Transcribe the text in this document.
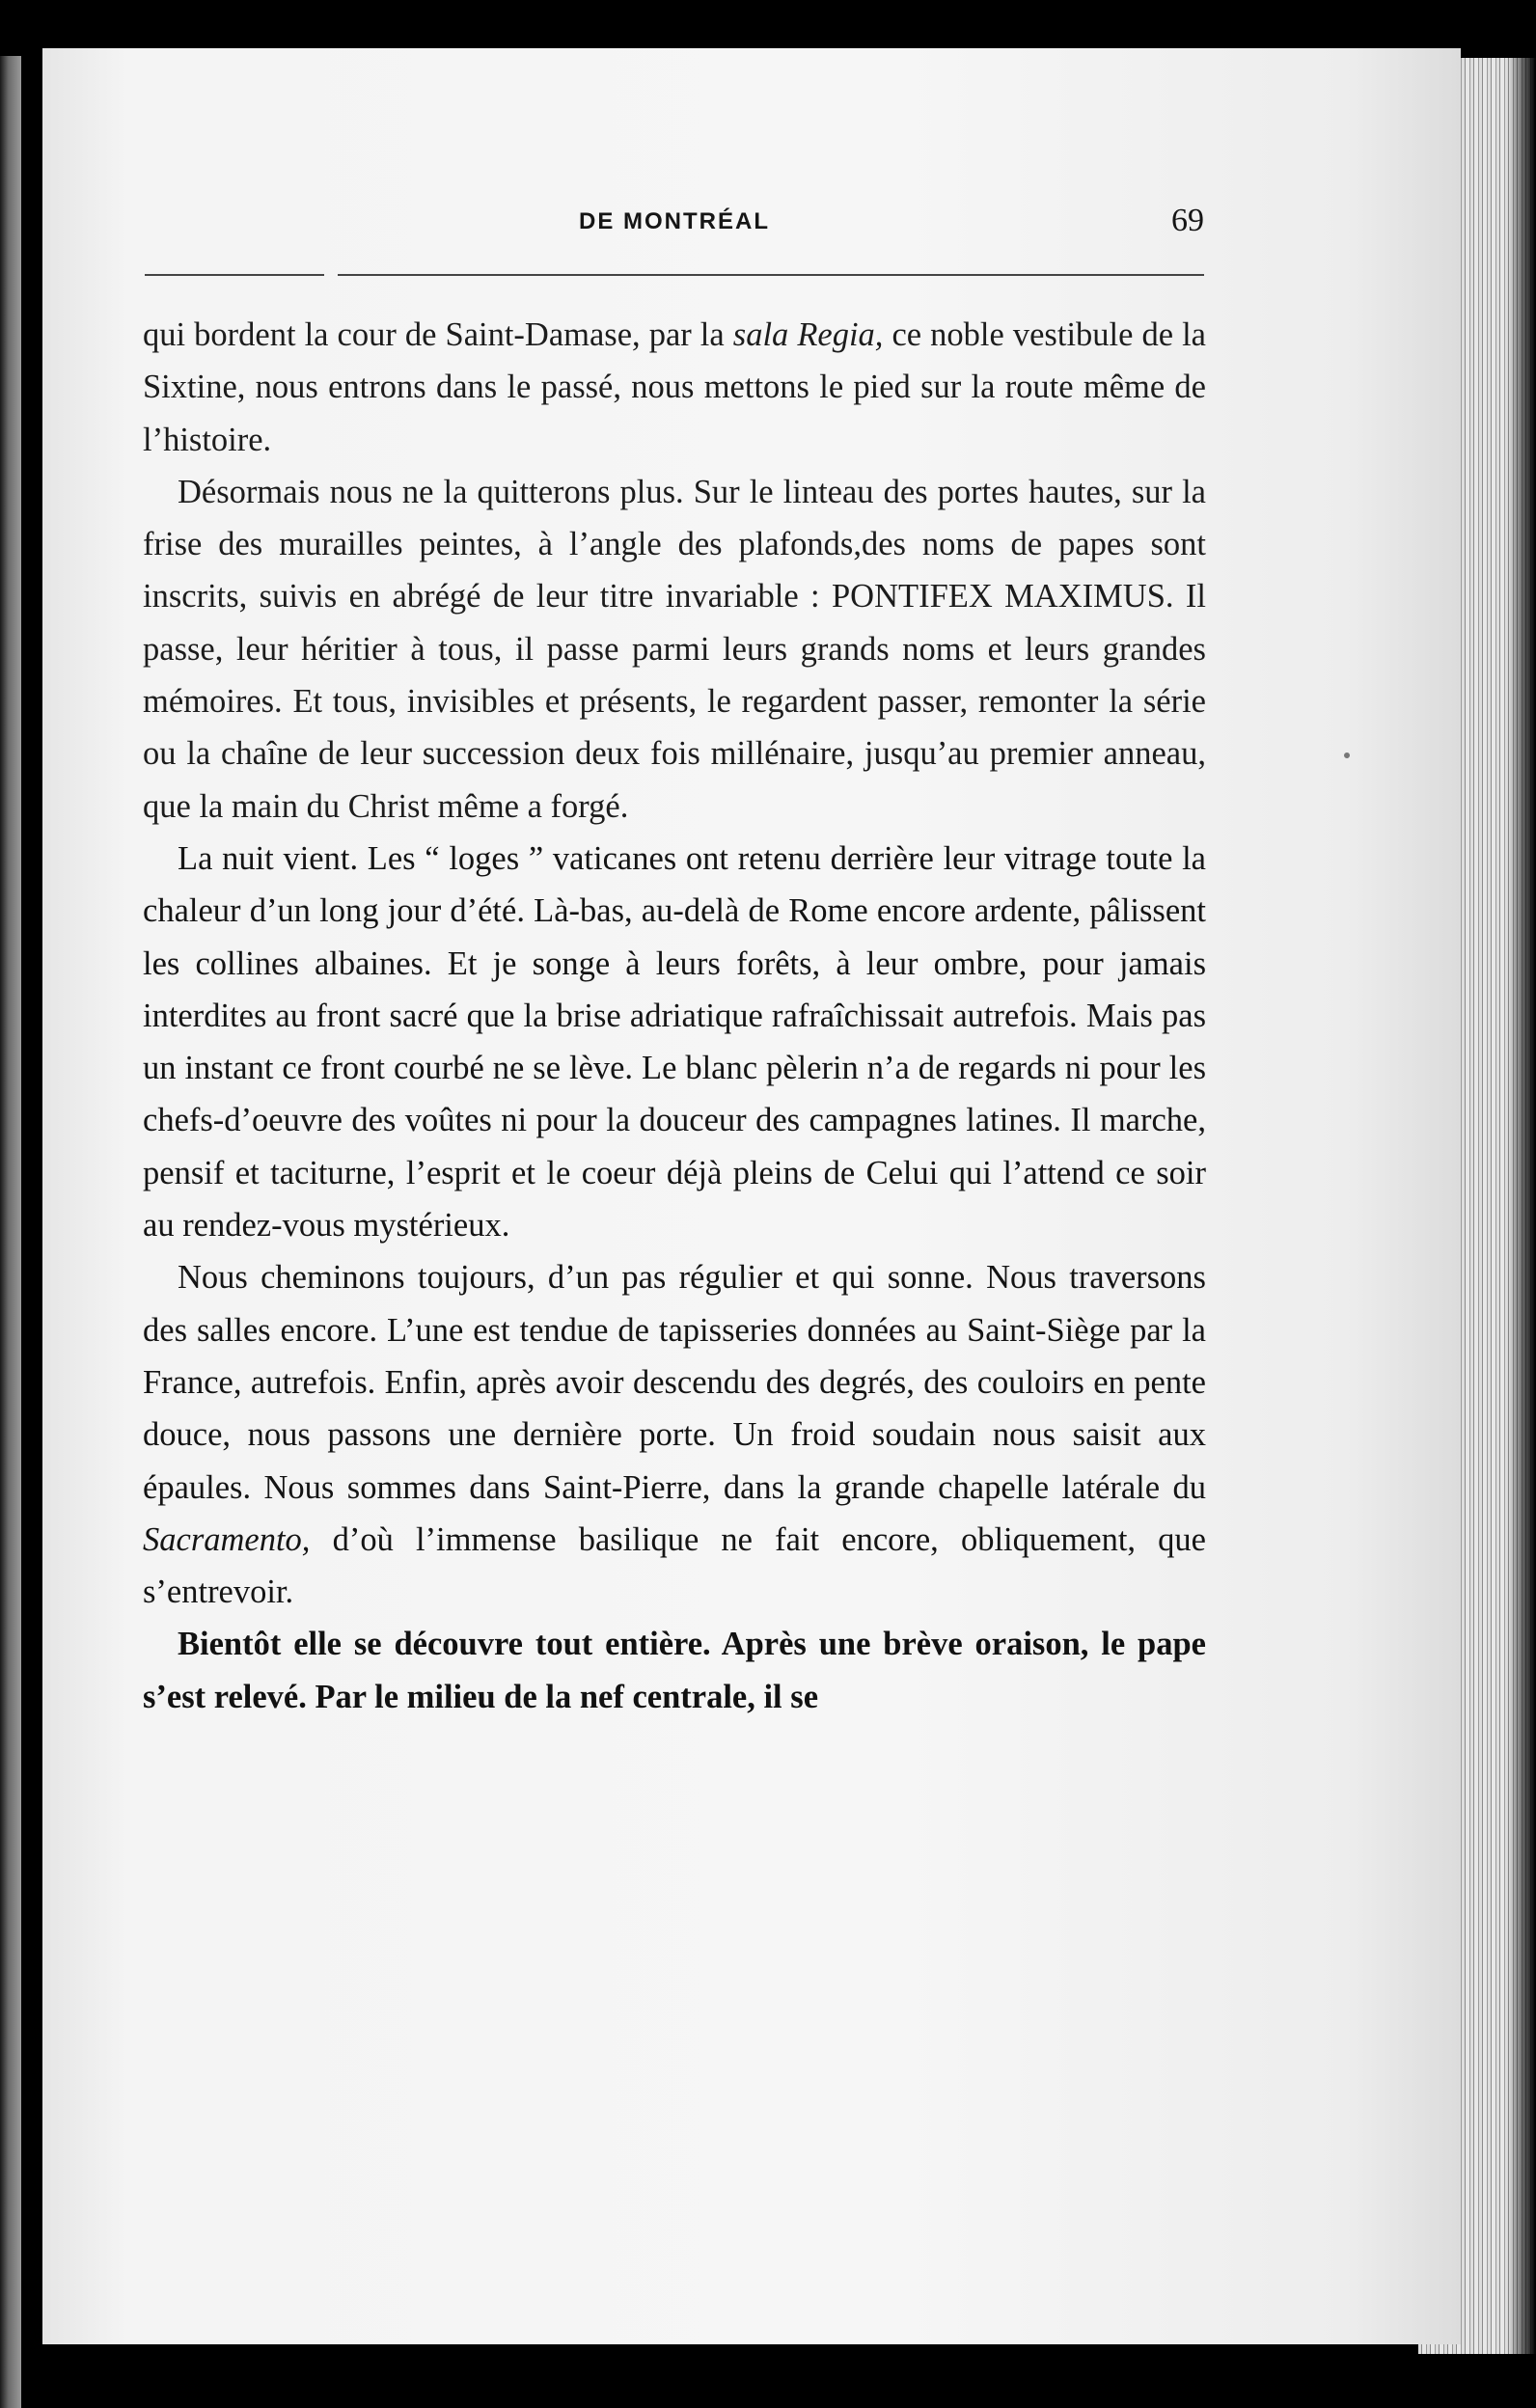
DE MONTRÉAL	69

qui bordent la cour de Saint-Damase, par la sala Regia, ce noble vestibule de la Sixtine, nous entrons dans le passé, nous mettons le pied sur la route même de l’histoire.

Désormais nous ne la quitterons plus. Sur le linteau des portes hautes, sur la frise des murailles peintes, à l’angle des plafonds,des noms de papes sont inscrits, suivis en abrégé de leur titre invariable : PONTIFEX MAXIMUS. Il passe, leur héritier à tous, il passe parmi leurs grands noms et leurs grandes mémoires. Et tous, invisibles et présents, le regardent passer, remonter la série ou la chaîne de leur succession deux fois millénaire, jusqu’au premier anneau, que la main du Christ même a forgé.

La nuit vient. Les “ loges ” vaticanes ont retenu derrière leur vitrage toute la chaleur d’un long jour d’été. Là-bas, au-delà de Rome encore ardente, pâlissent les collines albaines. Et je songe à leurs forêts, à leur ombre, pour jamais interdites au front sacré que la brise adriatique rafraîchissait autrefois. Mais pas un instant ce front courbé ne se lève. Le blanc pèlerin n’a de regards ni pour les chefs-d’oeuvre des voûtes ni pour la douceur des campagnes latines. Il marche, pensif et taciturne, l’esprit et le coeur déjà pleins de Celui qui l’attend ce soir au rendez-vous mystérieux.

Nous cheminons toujours, d’un pas régulier et qui sonne. Nous traversons des salles encore. L’une est tendue de tapisseries données au Saint-Siège par la France, autrefois. Enfin, après avoir descendu des degrés, des couloirs en pente douce, nous passons une dernière porte. Un froid soudain nous saisit aux épaules. Nous sommes dans Saint-Pierre, dans la grande chapelle latérale du Sacramento, d’où l’immense basilique ne fait encore, obliquement, que s’entrevoir.

Bientôt elle se découvre tout entière. Après une brève oraison, le pape s’est relevé. Par le milieu de la nef centrale, il se
